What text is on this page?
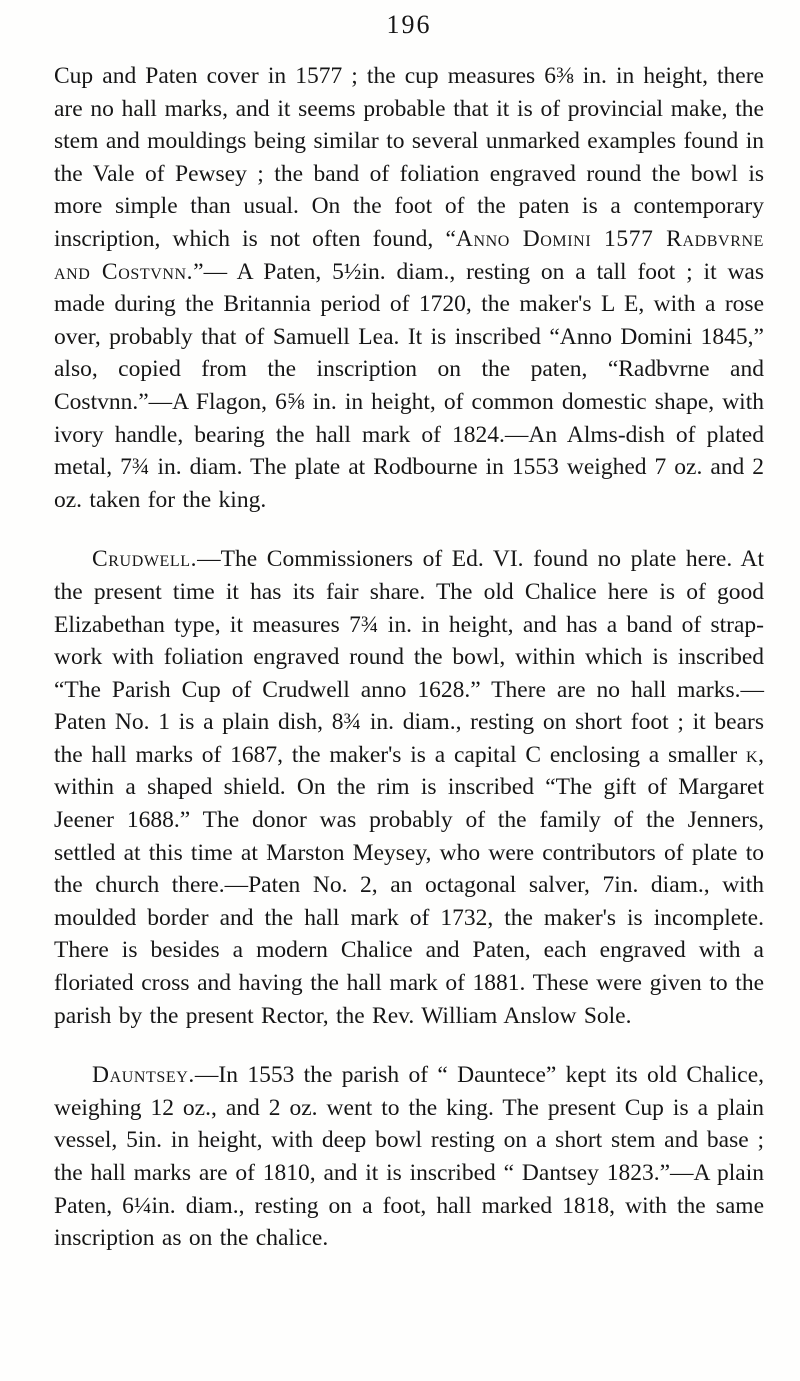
196

Cup and Paten cover in 1577 ; the cup measures 6⅜ in. in height, there are no hall marks, and it seems probable that it is of provincial make, the stem and mouldings being similar to several unmarked examples found in the Vale of Pewsey ; the band of foliation engraved round the bowl is more simple than usual. On the foot of the paten is a contemporary inscription, which is not often found, “Anno Domini 1577 Radbvrne and Costvnn.”— A Paten, 5½in. diam., resting on a tall foot ; it was made during the Britannia period of 1720, the maker's L E, with a rose over, probably that of Samuell Lea. It is inscribed “Anno Domini 1845,” also, copied from the inscription on the paten, “Radbvrne and Costvnn.”—A Flagon, 6⅝ in. in height, of common domestic shape, with ivory handle, bearing the hall mark of 1824.—An Alms-dish of plated metal, 7¾ in. diam. The plate at Rodbourne in 1553 weighed 7 oz. and 2 oz. taken for the king.

Crudwell.—The Commissioners of Ed. VI. found no plate here. At the present time it has its fair share. The old Chalice here is of good Elizabethan type, it measures 7¾ in. in height, and has a band of strap-work with foliation engraved round the bowl, within which is inscribed “The Parish Cup of Crudwell anno 1628.” There are no hall marks.—Paten No. 1 is a plain dish, 8¾ in. diam., resting on short foot ; it bears the hall marks of 1687, the maker's is a capital C enclosing a smaller k, within a shaped shield. On the rim is inscribed “The gift of Margaret Jeener 1688.” The donor was probably of the family of the Jenners, settled at this time at Marston Meysey, who were contributors of plate to the church there.—Paten No. 2, an octagonal salver, 7in. diam., with moulded border and the hall mark of 1732, the maker's is incomplete. There is besides a modern Chalice and Paten, each engraved with a floriated cross and having the hall mark of 1881. These were given to the parish by the present Rector, the Rev. William Anslow Sole.

Dauntsey.—In 1553 the parish of “ Dauntece” kept its old Chalice, weighing 12 oz., and 2 oz. went to the king. The present Cup is a plain vessel, 5in. in height, with deep bowl resting on a short stem and base ; the hall marks are of 1810, and it is inscribed “ Dantsey 1823.”—A plain Paten, 6¼in. diam., resting on a foot, hall marked 1818, with the same inscription as on the chalice.
